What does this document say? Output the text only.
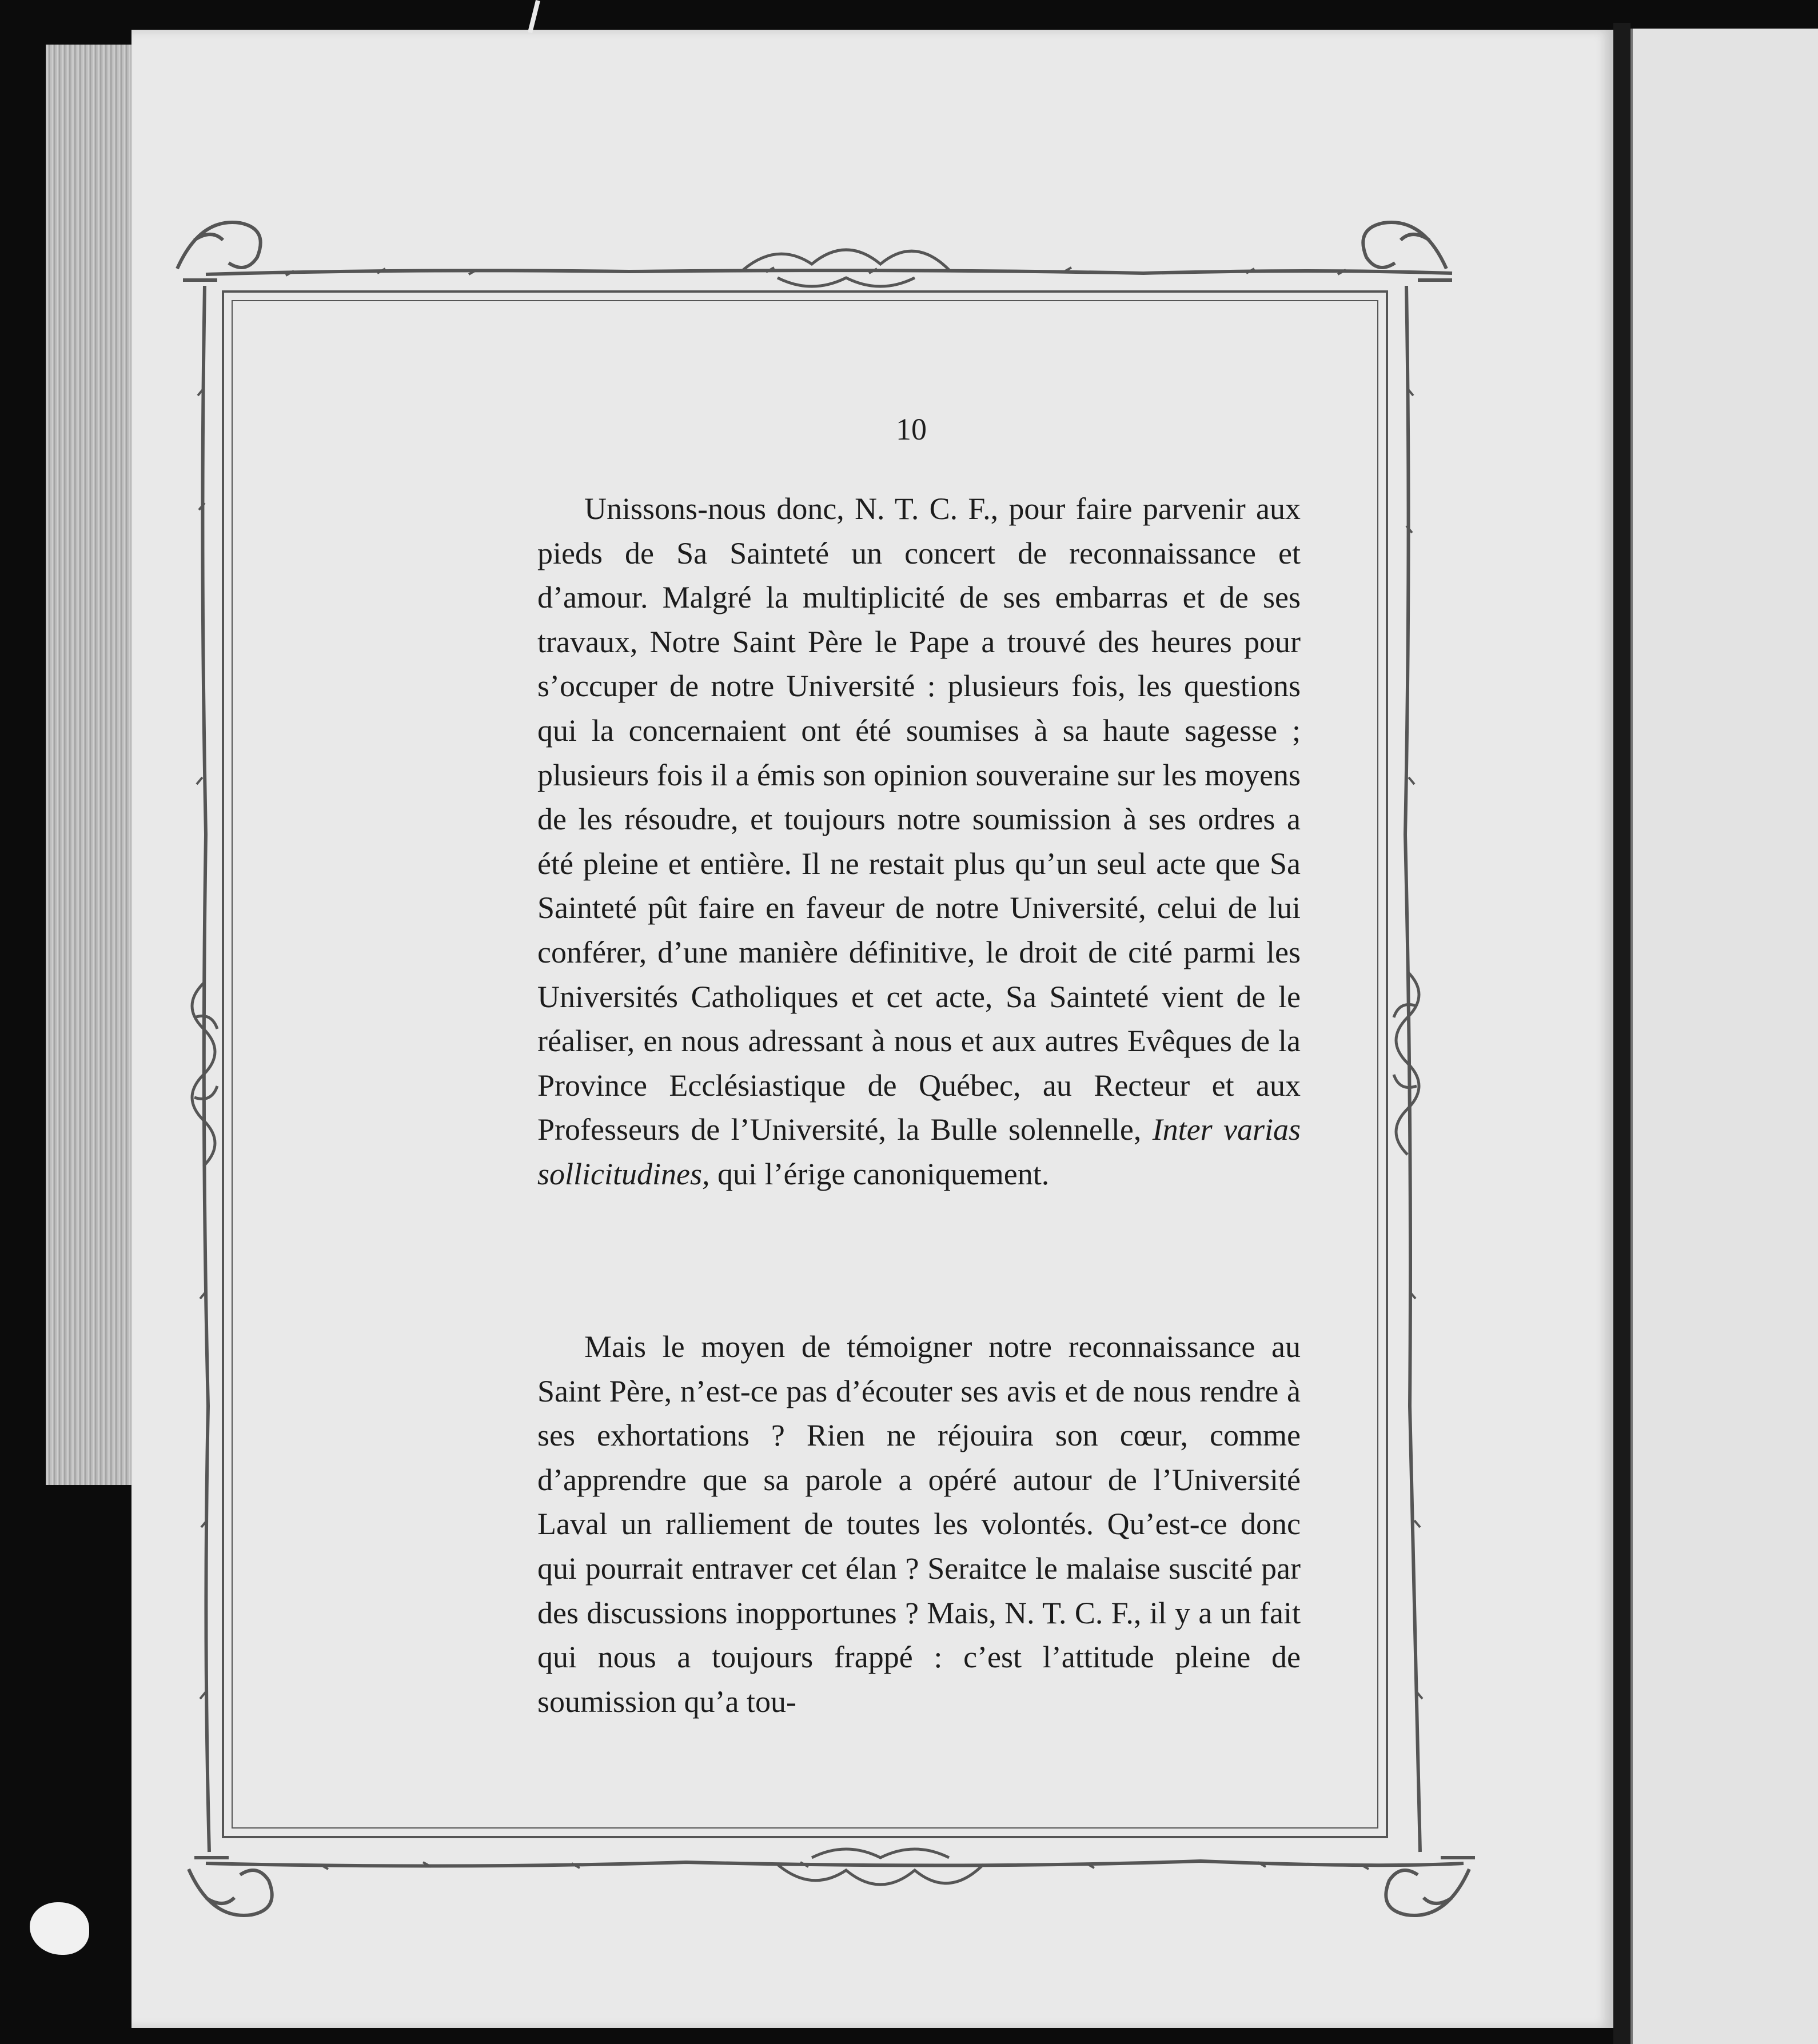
10
Unissons-nous donc, N. T. C. F., pour faire parvenir aux pieds de Sa Sainteté un concert de reconnaissance et d’amour. Malgré la multiplicité de ses embarras et de ses travaux, Notre Saint Père le Pape a trouvé des heures pour s’occuper de notre Université : plusieurs fois, les questions qui la concernaient ont été soumises à sa haute sagesse ; plusieurs fois il a émis son opinion souveraine sur les moyens de les résoudre, et toujours notre soumission à ses ordres a été pleine et entière. Il ne restait plus qu’un seul acte que Sa Sainteté pût faire en faveur de notre Université, celui de lui conférer, d’une manière définitive, le droit de cité parmi les Universités Catholiques et cet acte, Sa Sainteté vient de le réaliser, en nous adressant à nous et aux autres Evêques de la Province Ecclésiastique de Québec, au Recteur et aux Professeurs de l’Université, la Bulle solennelle, Inter varias sollicitudines, qui l’érige canoniquement.
Mais le moyen de témoigner notre reconnaissance au Saint Père, n’est-ce pas d’écouter ses avis et de nous rendre à ses exhortations ? Rien ne réjouira son cœur, comme d’apprendre que sa parole a opéré autour de l’Université Laval un ralliement de toutes les volontés. Qu’est-ce donc qui pourrait entraver cet élan ? Seraitce le malaise suscité par des discussions inopportunes ? Mais, N. T. C. F., il y a un fait qui nous a toujours frappé : c’est l’attitude pleine de soumission qu’a tou-
